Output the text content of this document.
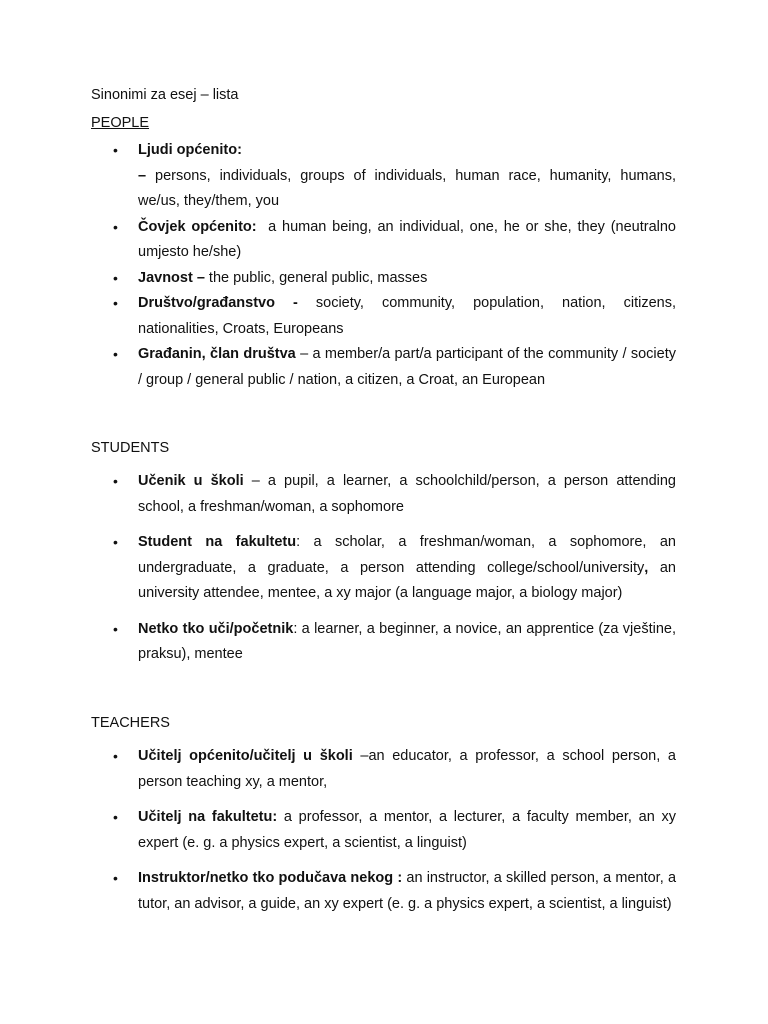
Sinonimi za esej – lista
PEOPLE
• Ljudi općenito:
– persons, individuals, groups of individuals, human race, humanity, humans, we/us, they/them, you
• Čovjek općenito:  a human being, an individual, one, he or she, they (neutralno umjesto he/she)
• Javnost – the public, general public, masses
• Društvo/građanstvo - society, community, population, nation, citizens, nationalities, Croats, Europeans
• Građanin, član društva – a member/a part/a participant of the community / society / group / general public / nation, a citizen, a Croat, an European
STUDENTS
• Učenik u školi – a pupil, a learner, a schoolchild/person, a person attending school, a freshman/woman, a sophomore
• Student na fakultetu: a scholar, a freshman/woman, a sophomore, an undergraduate, a graduate, a person attending college/school/university, an university attendee, mentee, a xy major (a language major, a biology major)
• Netko tko uči/početnik: a learner, a beginner, a novice, an apprentice (za vještine, praksu), mentee
TEACHERS
• Učitelj općenito/učitelj u školi –an educator, a professor, a school person, a person teaching xy, a mentor,
• Učitelj na fakultetu: a professor, a mentor, a lecturer, a faculty member, an xy expert (e. g. a physics expert, a scientist, a linguist)
• Instruktor/netko tko podučava nekog : an instructor, a skilled person, a mentor, a tutor, an advisor, a guide, an xy expert (e. g. a physics expert, a scientist, a linguist)
